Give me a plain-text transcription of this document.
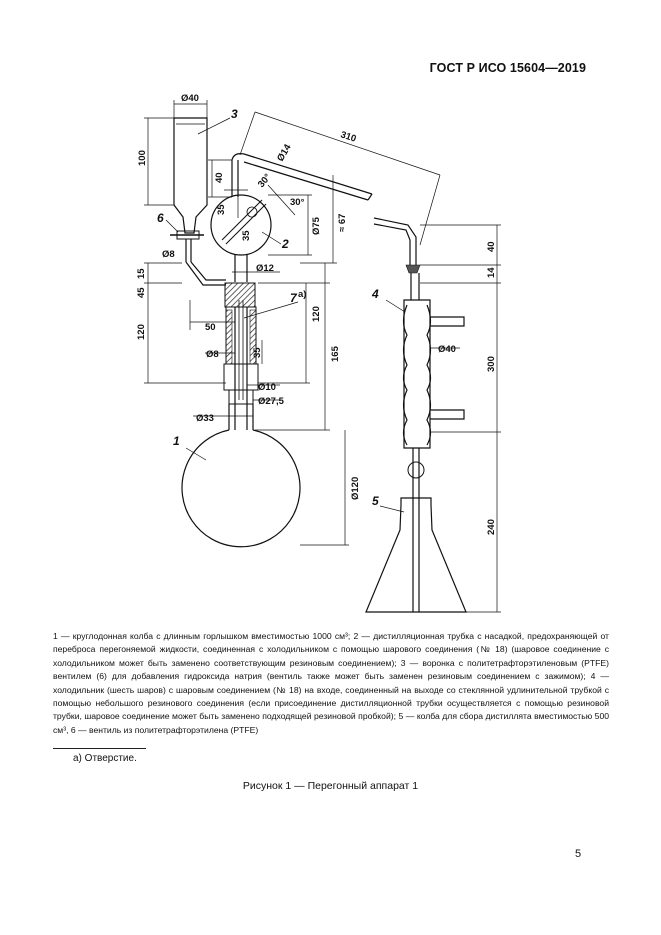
ГОСТ Р ИСО 15604—2019
Ø40
100
40
35
35
Ø14
30°
30°
Ø75 ≈ 67
310
Ø8
15
45
Ø12
120
120
165
50
Ø8	35
Ø10
Ø27,5
Ø33
Ø120
40
14
Ø40
300
240
3
2
6
7 а)
1
4
5

1 — круглодонная колба с длинным горлышком вместимостью 1000 см³; 2 — дистилляционная трубка с насадкой, предохраняющей от переброса перегоняемой жидкости, соединенная с холодильником с помощью шарового соединения (№ 18) (шаровое соединение с холодильником может быть заменено соответствующим резиновым соединением); 3 — воронка с политетрафторэтиленовым (PTFE) вентилем (6) для добавления гидроксида натрия (вентиль также может быть заменен резиновым соединением с зажимом); 4 — холодильник (шесть шаров) с шаровым соединением (№ 18) на входе, соединенный на выходе со стеклянной удлинительной трубкой с помощью небольшого резинового соединения (если присоединение дистилляционной трубки осуществляется с помощью резиновой трубки, шаровое соединение может быть заменено подходящей резиновой пробкой); 5 — колба для сбора дистиллята вместимостью 500 см³, 6 — вентиль из политетрафторэтилена (PTFE)

а) Отверстие.
Рисунок 1 — Перегонный аппарат 1
5
